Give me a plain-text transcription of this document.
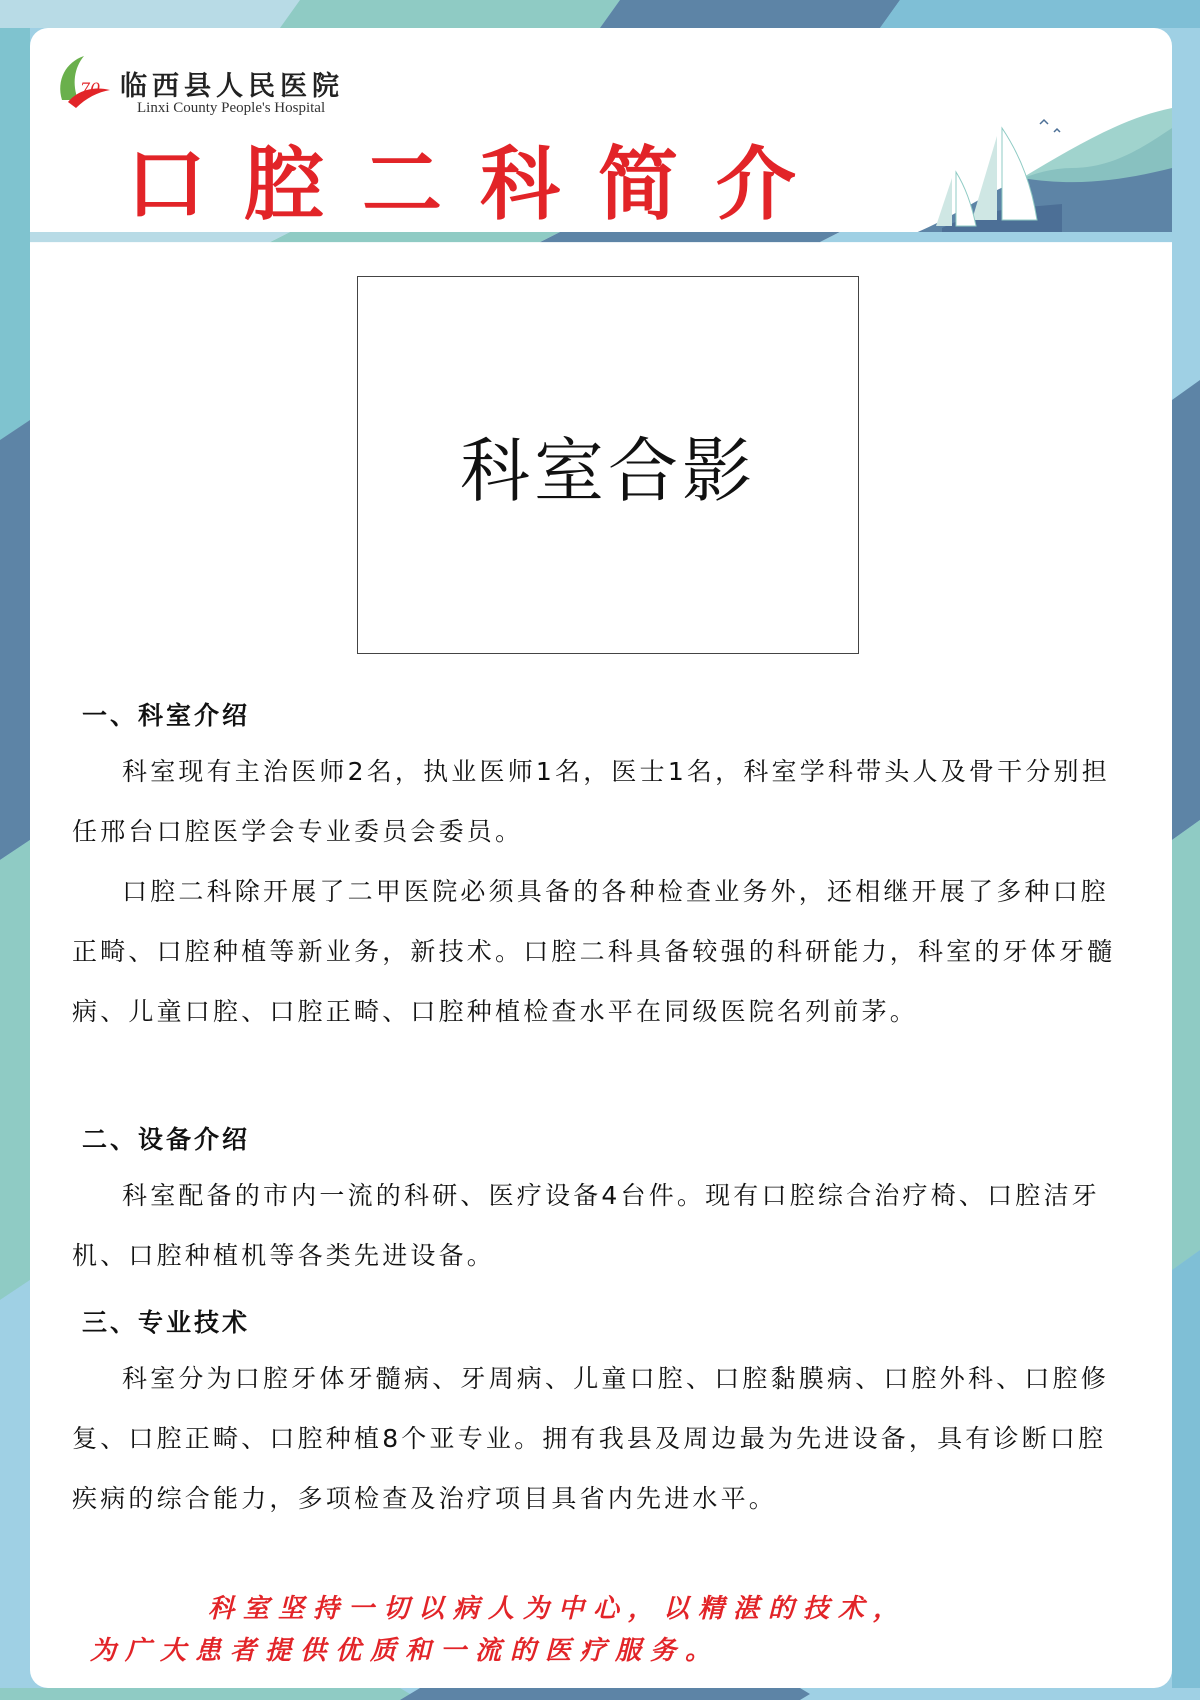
70 临西县人民医院
Linxi County People's Hospital
口腔二科简介
科室合影
一、科室介绍

科室现有主治医师2名，执业医师1名，医士1名，科室学科带头人及骨干分别担任邢台口腔医学会专业委员会委员。

口腔二科除开展了二甲医院必须具备的各种检查业务外，还相继开展了多种口腔正畸、口腔种植等新业务，新技术。口腔二科具备较强的科研能力，科室的牙体牙髓病、儿童口腔、口腔正畸、口腔种植检查水平在同级医院名列前茅。

二、设备介绍

科室配备的市内一流的科研、医疗设备4台件。现有口腔综合治疗椅、口腔洁牙机、口腔种植机等各类先进设备。

三、专业技术

科室分为口腔牙体牙髓病、牙周病、儿童口腔、口腔黏膜病、口腔外科、口腔修复、口腔正畸、口腔种植8个亚专业。拥有我县及周边最为先进设备，具有诊断口腔疾病的综合能力，多项检查及治疗项目具省内先进水平。

科室坚持一切以病人为中心，以精湛的技术，
为广大患者提供优质和一流的医疗服务。
